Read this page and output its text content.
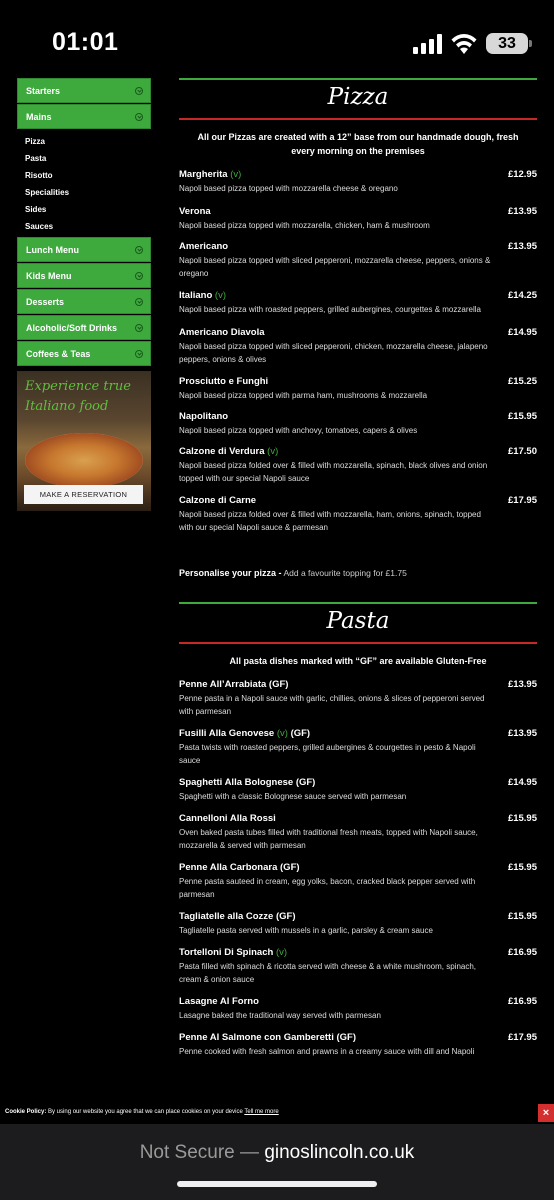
01:01	33
Starters
Mains
Pizza
Pasta
Risotto
Specialities
Sides
Sauces
Lunch Menu
Kids Menu
Desserts
Alcoholic/Soft Drinks
Coffees & Teas
Experience true Italiano food
MAKE A RESERVATION
Pizza
All our Pizzas are created with a 12” base from our handmade dough, fresh every morning on the premises
Margherita (v)	£12.95
Napoli based pizza topped with mozzarella cheese & oregano
Verona	£13.95
Napoli based pizza topped with mozzarella, chicken, ham & mushroom
Americano	£13.95
Napoli based pizza topped with sliced pepperoni, mozzarella cheese, peppers, onions & oregano
Italiano (v)	£14.25
Napoli based pizza with roasted peppers, grilled aubergines, courgettes & mozzarella
Americano Diavola	£14.95
Napoli based pizza topped with sliced pepperoni, chicken, mozzarella cheese, jalapeno peppers, onions & olives
Prosciutto e Funghi	£15.25
Napoli based pizza topped with parma ham, mushrooms & mozzarella
Napolitano	£15.95
Napoli based pizza topped with anchovy, tomatoes, capers & olives
Calzone di Verdura (v)	£17.50
Napoli based pizza folded over & filled with mozzarella, spinach, black olives and onion topped with our special Napoli sauce
Calzone di Carne	£17.95
Napoli based pizza folded over & filled with mozzarella, ham, onions, spinach, topped with our special Napoli sauce & parmesan
Personalise your pizza - Add a favourite topping for £1.75
Pasta
All pasta dishes marked with “GF” are available Gluten-Free
Penne All’Arrabiata (GF)	£13.95
Penne pasta in a Napoli sauce with garlic, chillies, onions & slices of pepperoni served with parmesan
Fusilli Alla Genovese (v) (GF)	£13.95
Pasta twists with roasted peppers, grilled aubergines & courgettes in pesto & Napoli sauce
Spaghetti Alla Bolognese (GF)	£14.95
Spaghetti with a classic Bolognese sauce served with parmesan
Cannelloni Alla Rossi	£15.95
Oven baked pasta tubes filled with traditional fresh meats, topped with Napoli sauce, mozzarella & served with parmesan
Penne Alla Carbonara (GF)	£15.95
Penne pasta sauteed in cream, egg yolks, bacon, cracked black pepper served with parmesan
Tagliatelle alla Cozze (GF)	£15.95
Tagliatelle pasta served with mussels in a garlic, parsley & cream sauce
Tortelloni Di Spinach (v)	£16.95
Pasta filled with spinach & ricotta served with cheese & a white mushroom, spinach, cream & onion sauce
Lasagne Al Forno	£16.95
Lasagne baked the traditional way served with parmesan
Penne Al Salmone con Gamberetti (GF)	£17.95
Penne cooked with fresh salmon and prawns in a creamy sauce with dill and Napoli
Cookie Policy: By using our website you agree that we can place cookies on your device Tell me more	×
Not Secure — ginoslincoln.co.uk
